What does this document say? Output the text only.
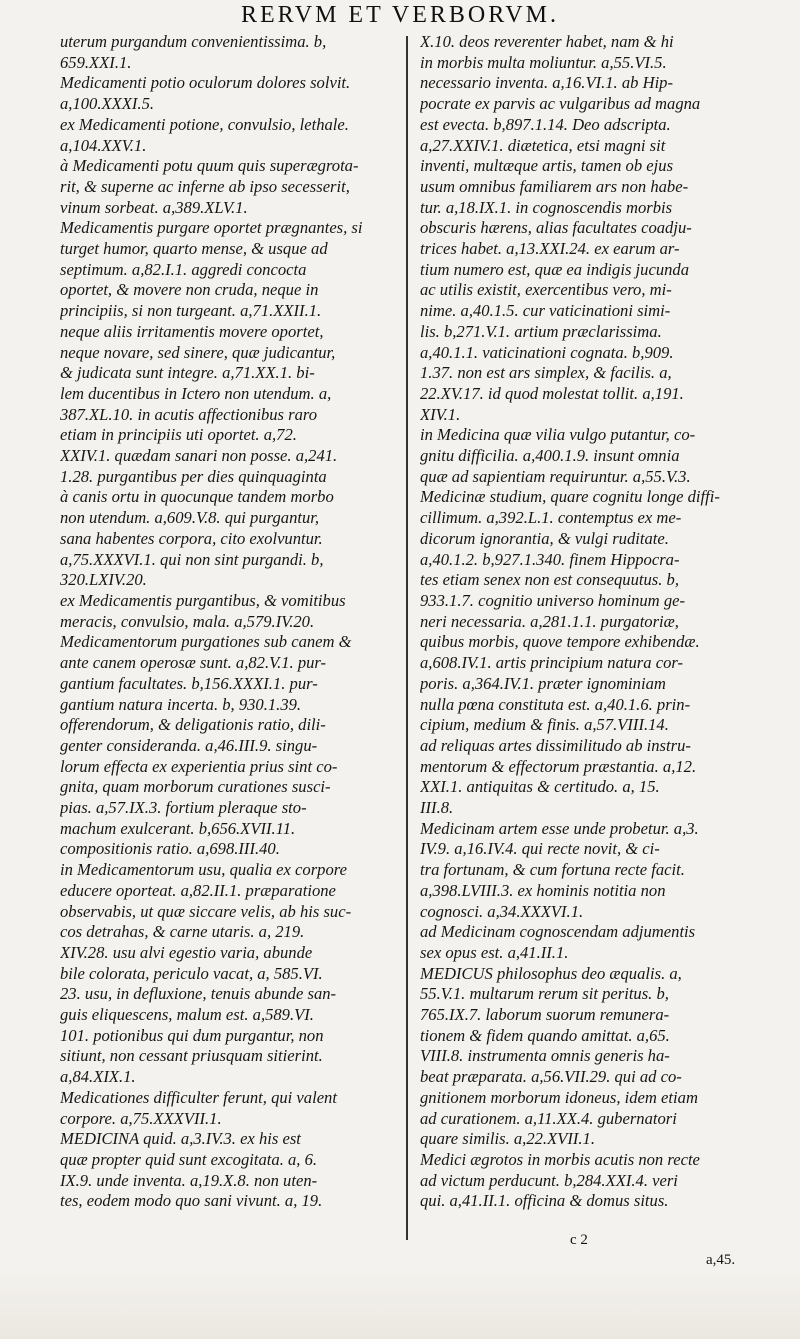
RERVM ET VERBORVM.
uterum purgandum convenientissima. b,
659.XXI.1.
Medicamenti potio oculorum dolores solvit.
a,100.XXXI.5.
ex Medicamenti potione, convulsio, lethale.
a,104.XXV.1.
à Medicamenti potu quum quis superægrota-
rit, & superne ac inferne ab ipso secesserit,
vinum sorbeat. a,389.XLV.1.
Medicamentis purgare oportet prægnantes, si
turget humor, quarto mense, & usque ad
septimum. a,82.I.1. aggredi concocta
oportet, & movere non cruda, neque in
principiis, si non turgeant. a,71.XXII.1.
neque aliis irritamentis movere oportet,
neque novare, sed sinere, quæ judicantur,
& judicata sunt integre. a,71.XX.1. bi-
lem ducentibus in Ictero non utendum. a,
387.XL.10. in acutis affectionibus raro
etiam in principiis uti oportet. a,72.
XXIV.1. quædam sanari non posse. a,241.
1.28. purgantibus per dies quinquaginta
à canis ortu in quocunque tandem morbo
non utendum. a,609.V.8. qui purgantur,
sana habentes corpora, cito exolvuntur.
a,75.XXXVI.1. qui non sint purgandi. b,
320.LXIV.20.
ex Medicamentis purgantibus, & vomitibus
meracis, convulsio, mala. a,579.IV.20.
Medicamentorum purgationes sub canem &
ante canem operosæ sunt. a,82.V.1. pur-
gantium facultates. b,156.XXXI.1. pur-
gantium natura incerta. b, 930.1.39.
offerendorum, & deligationis ratio, dili-
genter consideranda. a,46.III.9. singu-
lorum effecta ex experientia prius sint co-
gnita, quam morborum curationes susci-
pias. a,57.IX.3. fortium pleraque sto-
machum exulcerant. b,656.XVII.11.
compositionis ratio. a,698.III.40.
in Medicamentorum usu, qualia ex corpore
educere oporteat. a,82.II.1. præparatione
observabis, ut quæ siccare velis, ab his suc-
cos detrahas, & carne utaris. a, 219.
XIV.28. usu alvi egestio varia, abunde
bile colorata, periculo vacat, a, 585.VI.
23. usu, in defluxione, tenuis abunde san-
guis eliquescens, malum est. a,589.VI.
101. potionibus qui dum purgantur, non
sitiunt, non cessant priusquam sitierint.
a,84.XIX.1.
Medicationes difficulter ferunt, qui valent
corpore. a,75.XXXVII.1.
MEDICINA quid. a,3.IV.3. ex his est
quæ propter quid sunt excogitata. a, 6.
IX.9. unde inventa. a,19.X.8. non uten-
tes, eodem modo quo sani vivunt. a, 19.
X.10. deos reverenter habet, nam & hi
in morbis multa moliuntur. a,55.VI.5.
necessario inventa. a,16.VI.1. ab Hip-
pocrate ex parvis ac vulgaribus ad magna
est evecta. b,897.1.14. Deo adscripta.
a,27.XXIV.1. diætetica, etsi magni sit
inventi, multæque artis, tamen ob ejus
usum omnibus familiarem ars non habe-
tur. a,18.IX.1. in cognoscendis morbis
obscuris hærens, alias facultates coadju-
trices habet. a,13.XXI.24. ex earum ar-
tium numero est, quæ ea indigis jucunda
ac utilis existit, exercentibus vero, mi-
nime. a,40.1.5. cur vaticinationi simi-
lis. b,271.V.1. artium præclarissima.
a,40.1.1. vaticinationi cognata. b,909.
1.37. non est ars simplex, & facilis. a,
22.XV.17. id quod molestat tollit. a,191.
XIV.1.
in Medicina quæ vilia vulgo putantur, co-
gnitu difficilia. a,400.1.9. insunt omnia
quæ ad sapientiam requiruntur. a,55.V.3.
Medicinæ studium, quare cognitu longe diffi-
cillimum. a,392.L.1. contemptus ex me-
dicorum ignorantia, & vulgi ruditate.
a,40.1.2. b,927.1.340. finem Hippocra-
tes etiam senex non est consequutus. b,
933.1.7. cognitio universo hominum ge-
neri necessaria. a,281.1.1. purgatoriæ,
quibus morbis, quove tempore exhibendæ.
a,608.IV.1. artis principium natura cor-
poris. a,364.IV.1. præter ignominiam
nulla pœna constituta est. a,40.1.6. prin-
cipium, medium & finis. a,57.VIII.14.
ad reliquas artes dissimilitudo ab instru-
mentorum & effectorum præstantia. a,12.
XXI.1. antiquitas & certitudo. a, 15.
III.8.
Medicinam artem esse unde probetur. a,3.
IV.9. a,16.IV.4. qui recte novit, & ci-
tra fortunam, & cum fortuna recte facit.
a,398.LVIII.3. ex hominis notitia non
cognosci. a,34.XXXVI.1.
ad Medicinam cognoscendam adjumentis
sex opus est. a,41.II.1.
MEDICUS philosophus deo æqualis. a,
55.V.1. multarum rerum sit peritus. b,
765.IX.7. laborum suorum remunera-
tionem & fidem quando amittat. a,65.
VIII.8. instrumenta omnis generis ha-
beat præparata. a,56.VII.29. qui ad co-
gnitionem morborum idoneus, idem etiam
ad curationem. a,11.XX.4. gubernatori
quare similis. a,22.XVII.1.
Medici ægrotos in morbis acutis non recte
ad victum perducunt. b,284.XXI.4. veri
qui. a,41.II.1. officina & domus situs.
c 2
a,45.
